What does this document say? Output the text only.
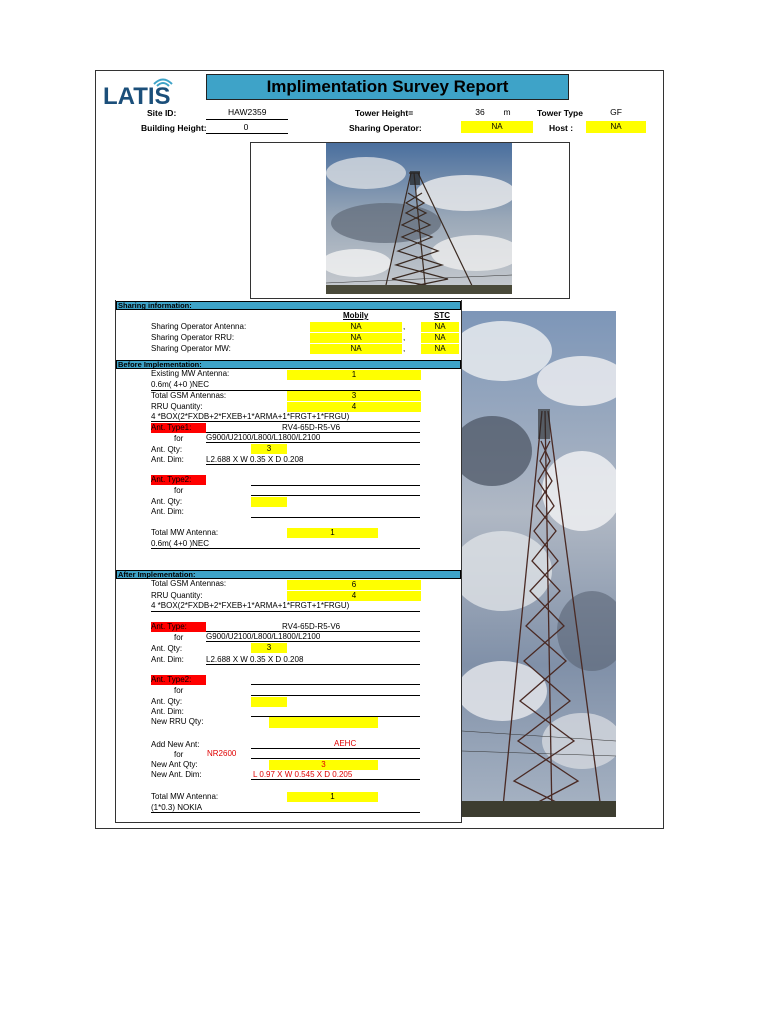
LATIS	Implimentation Survey Report
Site ID:	HAW2359	Tower Height=	36	m	Tower Type	GF
Building Height:	0	Sharing Operator:	NA	Host :	NA
Sharing information:
Mobily	STC
Sharing Operator Antenna:	NA	,	NA
Sharing Operator RRU:	NA	,	NA
Sharing Operator MW:	NA	,	NA
Before Implementation:
Existing MW Antenna:	1
0.6m( 4+0 )NEC
Total GSM Antennas:	3
RRU Quantity:	4
4 *BOX(2*FXDB+2*FXEB+1*ARMA+1*FRGT+1*FRGU)
Ant. Type1:	RV4-65D-R5-V6
for	G900/U2100/L800/L1800/L2100
Ant. Qty:	3
Ant. Dim:	L2.688 X W 0.35 X D 0.208
Ant. Type2:
for
Ant. Qty:
Ant. Dim:
Total MW Antenna:	1
0.6m( 4+0 )NEC
After Implementation:
Total GSM Antennas:	6
RRU Quantity:	4
4 *BOX(2*FXDB+2*FXEB+1*ARMA+1*FRGT+1*FRGU)
Ant. Type:	RV4-65D-R5-V6
for	G900/U2100/L800/L1800/L2100
Ant. Qty:	3
Ant. Dim:	L2.688 X W 0.35 X D 0.208
Ant. Type2:
for
Ant. Qty:
Ant. Dim:
New RRU Qty:
Add New Ant:	AEHC
for	NR2600
New Ant Qty:	3
New Ant. Dim:	L 0.97 X W 0.545 X D 0.205
Total MW Antenna:	1
(1*0.3) NOKIA
